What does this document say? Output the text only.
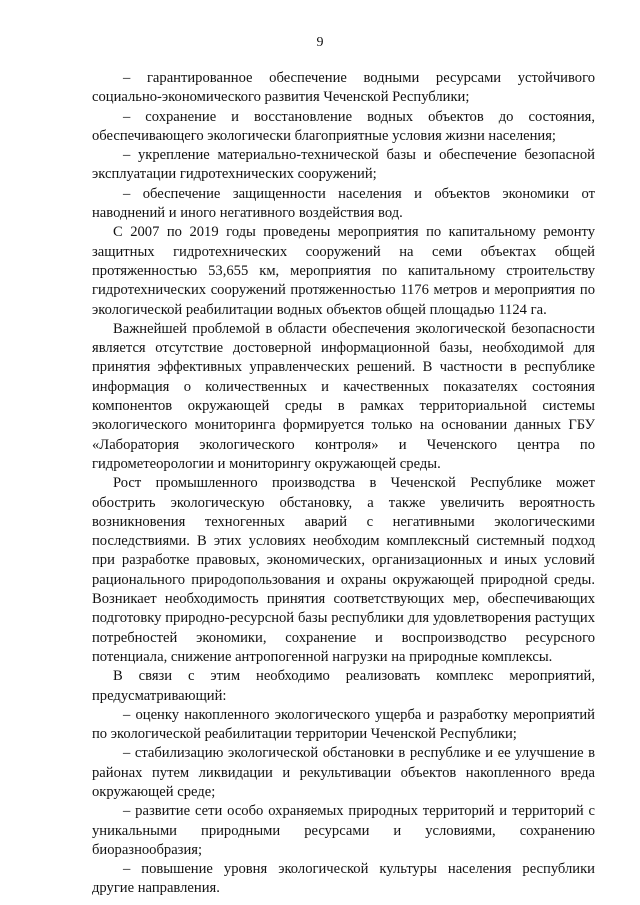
9

– гарантированное обеспечение водными ресурсами устойчивого социально-экономического развития Чеченской Республики;

– сохранение и восстановление водных объектов до состояния, обеспечивающего экологически благоприятные условия жизни населения;

– укрепление материально-технической базы и обеспечение безопасной эксплуатации гидротехнических сооружений;

– обеспечение защищенности населения и объектов экономики от наводнений и иного негативного воздействия вод.

С 2007 по 2019 годы проведены мероприятия по капитальному ремонту защитных гидротехнических сооружений на семи объектах общей протяженностью 53,655 км, мероприятия по капитальному строительству гидротехнических сооружений протяженностью 1176 метров и мероприятия по экологической реабилитации водных объектов общей площадью 1124 га.

Важнейшей проблемой в области обеспечения экологической безопасности является отсутствие достоверной информационной базы, необходимой для принятия эффективных управленческих решений. В частности в республике информация о количественных и качественных показателях состояния компонентов окружающей среды в рамках территориальной системы экологического мониторинга формируется только на основании данных ГБУ «Лаборатория экологического контроля» и Чеченского центра по гидрометеорологии и мониторингу окружающей среды.

Рост промышленного производства в Чеченской Республике может обострить экологическую обстановку, а также увеличить вероятность возникновения техногенных аварий с негативными экологическими последствиями. В этих условиях необходим комплексный системный подход при разработке правовых, экономических, организационных и иных условий рационального природопользования и охраны окружающей природной среды. Возникает необходимость принятия соответствующих мер, обеспечивающих подготовку природно-ресурсной базы республики для удовлетворения растущих потребностей экономики, сохранение и воспроизводство ресурсного потенциала, снижение антропогенной нагрузки на природные комплексы.

В связи с этим необходимо реализовать комплекс мероприятий, предусматривающий:

– оценку накопленного экологического ущерба и разработку мероприятий по экологической реабилитации территории Чеченской Республики;

– стабилизацию экологической обстановки в республике и ее улучшение в районах путем ликвидации и рекультивации объектов накопленного вреда окружающей среде;

– развитие сети особо охраняемых природных территорий и территорий с уникальными природными ресурсами и условиями, сохранению биоразнообразия;

– повышение уровня экологической культуры населения республики другие направления.
